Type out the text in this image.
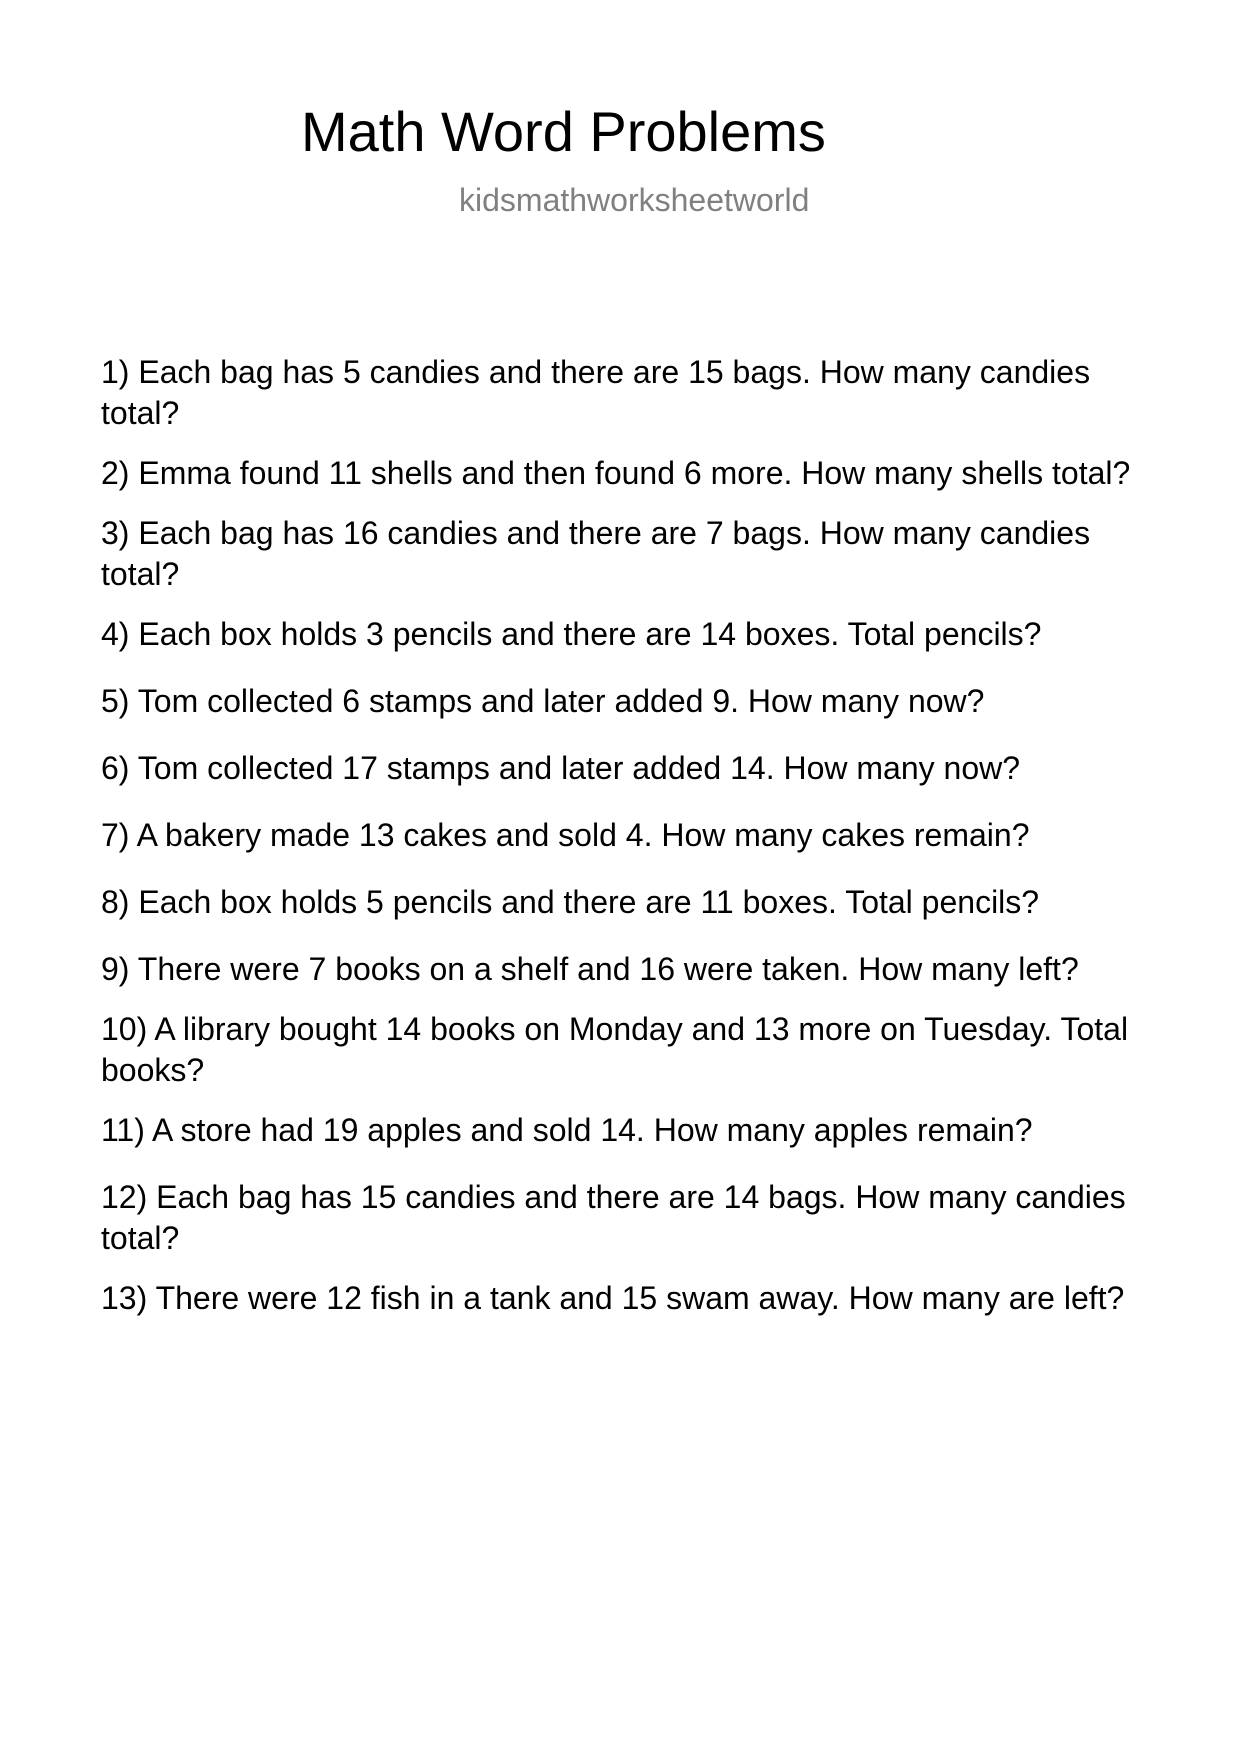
Math Word Problems
kidsmathworksheetworld
1) Each bag has 5 candies and there are 15 bags. How many candies total?
2) Emma found 11 shells and then found 6 more. How many shells total?
3) Each bag has 16 candies and there are 7 bags. How many candies total?
4) Each box holds 3 pencils and there are 14 boxes. Total pencils?
5) Tom collected 6 stamps and later added 9. How many now?
6) Tom collected 17 stamps and later added 14. How many now?
7) A bakery made 13 cakes and sold 4. How many cakes remain?
8) Each box holds 5 pencils and there are 11 boxes. Total pencils?
9) There were 7 books on a shelf and 16 were taken. How many left?
10) A library bought 14 books on Monday and 13 more on Tuesday. Total books?
11) A store had 19 apples and sold 14. How many apples remain?
12) Each bag has 15 candies and there are 14 bags. How many candies total?
13) There were 12 fish in a tank and 15 swam away. How many are left?
